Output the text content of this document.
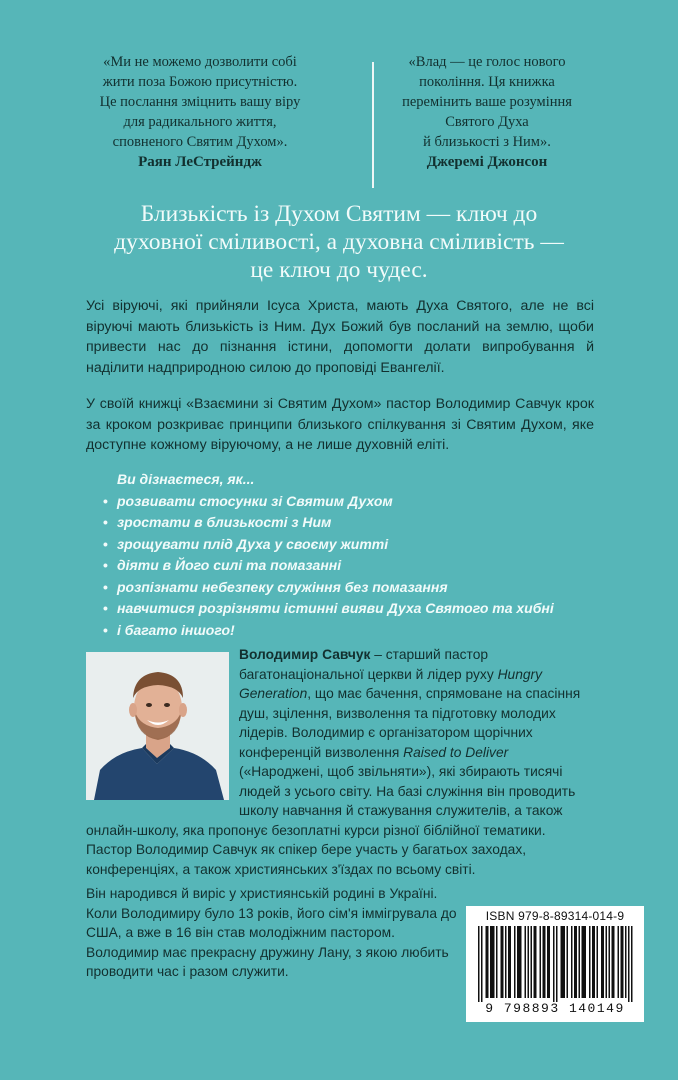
«Ми не можемо дозволити собі
жити поза Божою присутністю.
Це послання зміцнить вашу віру
для радикального життя,
сповненого Святим Духом».
Раян ЛеСтрейндж
«Влад — це голос нового
покоління. Ця книжка
перемінить ваше розуміння
Святого Духа
й близькості з Ним».
Джеремі Джонсон
Близькість із Духом Святим — ключ до
духовної сміливості, а духовна сміливість —
це ключ до чудес.
Усі віруючі, які прийняли Ісуса Христа, мають Духа Святого, але не всі віруючі мають близькість із Ним. Дух Божий був посланий на землю, щоби привести нас до пізнання істини, допомогти долати випробування й наділити надприродною силою до проповіді Евангелії.
У своїй книжці «Взаємини зі Святим Духом» пастор Володимир Савчук крок за кроком розкриває принципи близького спілкування зі Святим Духом, яке доступне кожному віруючому, а не лише духовній еліті.
Ви дізнаєтеся, як...
• розвивати стосунки зі Святим Духом
• зростати в близькості з Ним
• зрощувати плід Духа у своєму житті
• діяти в Його силі та помазанні
• розпізнати небезпеку служіння без помазання
• навчитися розрізняти істинні вияви Духа Святого та хибні
• і багато іншого!
Володимир Савчук – старший пастор багатонаціональної церкви й лідер руху Hungry Generation, що має бачення, спрямоване на спасіння душ, зцілення, визволення та підготовку молодих лідерів. Володимир є організатором щорічних конференцій визволення Raised to Deliver («Народжені, щоб звільняти»), які збирають тисячі людей з усього світу. На базі служіння він проводить школу навчання й стажування служителів, а також онлайн-школу, яка пропонує безоплатні курси різної біблійної тематики. Пастор Володимир Савчук як спікер бере участь у багатьох заходах, конференціях, а також християнських з'їздах по всьому світі.
Він народився й виріс у християнській родині в Україні. Коли Володимиру було 13 років, його сім'я іммігрувала до США, а вже в 16 він став молодіжним пастором. Володимир має прекрасну дружину Лану, з якою любить проводити час і разом служити.
ISBN 979-8-89314-014-9
9 798893 140149
